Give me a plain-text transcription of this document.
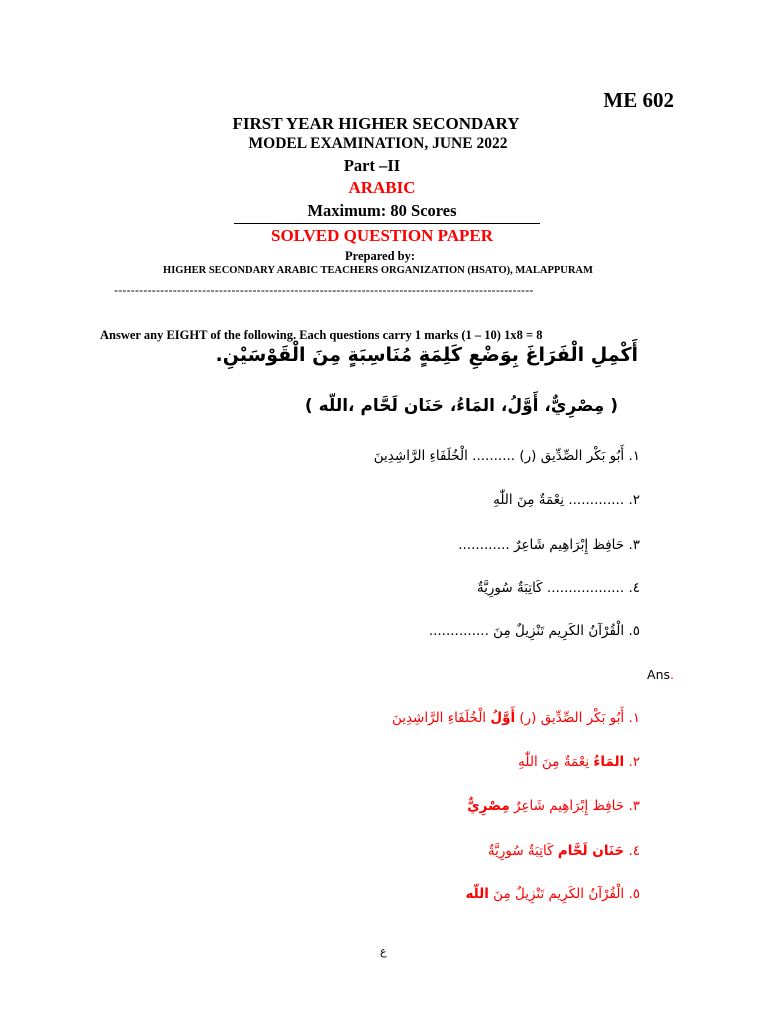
ME 602
FIRST YEAR HIGHER SECONDARY
MODEL EXAMINATION, JUNE 2022
Part –II
ARABIC
Maximum: 80 Scores
SOLVED QUESTION PAPER
Prepared by:
HIGHER SECONDARY ARABIC TEACHERS ORGANIZATION (HSATO), MALAPPURAM
----------------------------------------------------------------------------------------------------
Answer any EIGHT of the following. Each questions carry 1 marks (1 – 10) 1x8 = 8
أَكْمِلِ الْفَرَاغَ بِوَضْعِ كَلِمَةٍ مُنَاسِبَةٍ مِنَ الْقَوْسَيْنِ.
( مِصْرِيٌّ، أَوَّلُ، المَاءُ، حَنَان لَحَّام ،اللّه )
١. أَبُو بَكْر الصِّدِّيق (ر) .......... الْخُلَفَاءِ الرَّاشِدِينَ
٢. ............. نِعْمَةٌ مِنَ اللّٰهِ
٣. حَافِظ إِبْرَاهِيم شَاعِرٌ ............
٤. .................. كَاتِبَةٌ سُورِيَّةٌ
٥. الْقُرْآنُ الكَرِيم تَنْزِيلٌ مِنَ ..............
Ans.
١. أَبُو بَكْر الصِّدِّيق (ر) أَوَّلُ الْخُلَفَاءِ الرَّاشِدِينَ
٢. المَاءُ نِعْمَةٌ مِنَ اللّٰهِ
٣. حَافِظ إِبْرَاهِيم شَاعِرٌ مِصْرِيٌّ
٤. حَنَان لَحَّام كَاتِبَةٌ سُورِيَّةٌ
٥. الْقُرْآنُ الكَرِيم تَنْزِيلٌ مِنَ اللّه
ع
